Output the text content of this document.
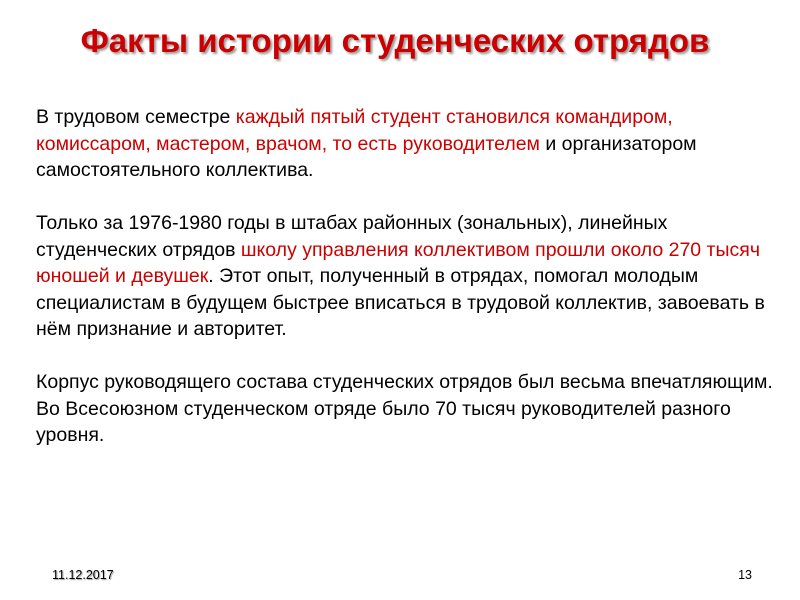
Факты истории студенческих отрядов

В трудовом семестре каждый пятый студент становился командиром, комиссаром, мастером, врачом, то есть руководителем и организатором самостоятельного коллектива.

Только за 1976-1980 годы в штабах районных (зональных), линейных студенческих отрядов школу управления коллективом прошли около 270 тысяч юношей и девушек. Этот опыт, полученный в отрядах, помогал молодым специалистам в будущем быстрее вписаться в трудовой коллектив, завоевать в нём признание и авторитет.

Корпус руководящего состава студенческих отрядов был весьма впечатляющим. Во Всесоюзном студенческом отряде было 70 тысяч руководителей разного уровня.

11.12.2017	13
